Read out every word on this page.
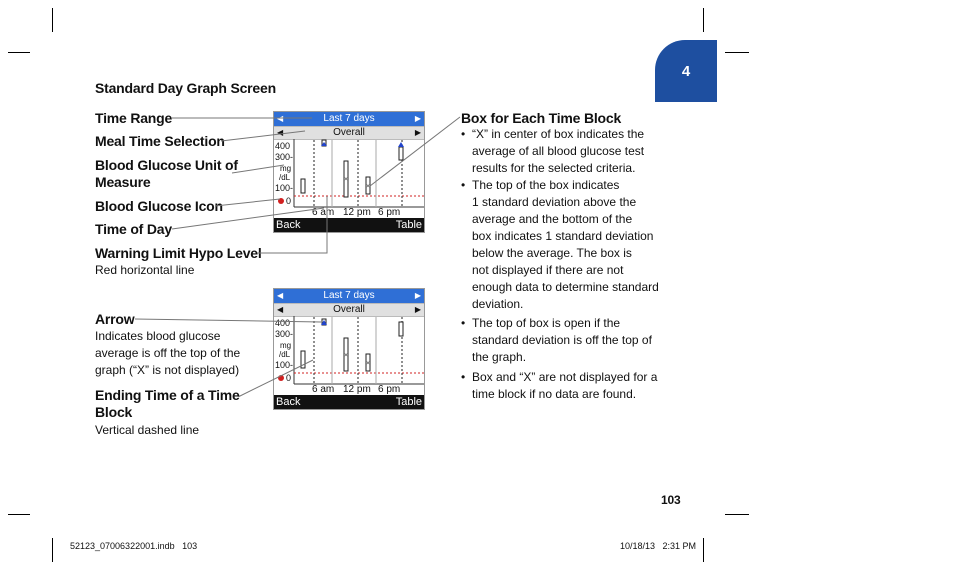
4
Standard Day Graph Screen
Time Range
Meal Time Selection
Blood Glucose Unit of Measure
Blood Glucose Icon
Time of Day
Warning Limit Hypo Level
Red horizontal line
Arrow
Indicates blood glucose
average is off the top of the
graph (“X” is not displayed)
Ending Time of a Time Block
Vertical dashed line
◀	Last 7 days	▶
◀	Overall	▶
400
300-
mg
/dL
100-
0
×
×
6 am 12 pm 6 pm
Back	Table
◀	Last 7 days	▶
◀	Overall	▶
400
300-
mg
/dL
100-
0
×
×
6 am 12 pm 6 pm
Back	Table
Box for Each Time Block
• “X” in center of box indicates the
average of all blood glucose test
results for the selected criteria.
• The top of the box indicates
1 standard deviation above the
average and the bottom of the
box indicates 1 standard deviation
below the average. The box is
not displayed if there are not
enough data to determine standard
deviation.
• The top of box is open if the
standard deviation is off the top of
the graph.
• Box and “X” are not displayed for a
time block if no data are found.
103
52123_07006322001.indb   103	10/18/13   2:31 PM
